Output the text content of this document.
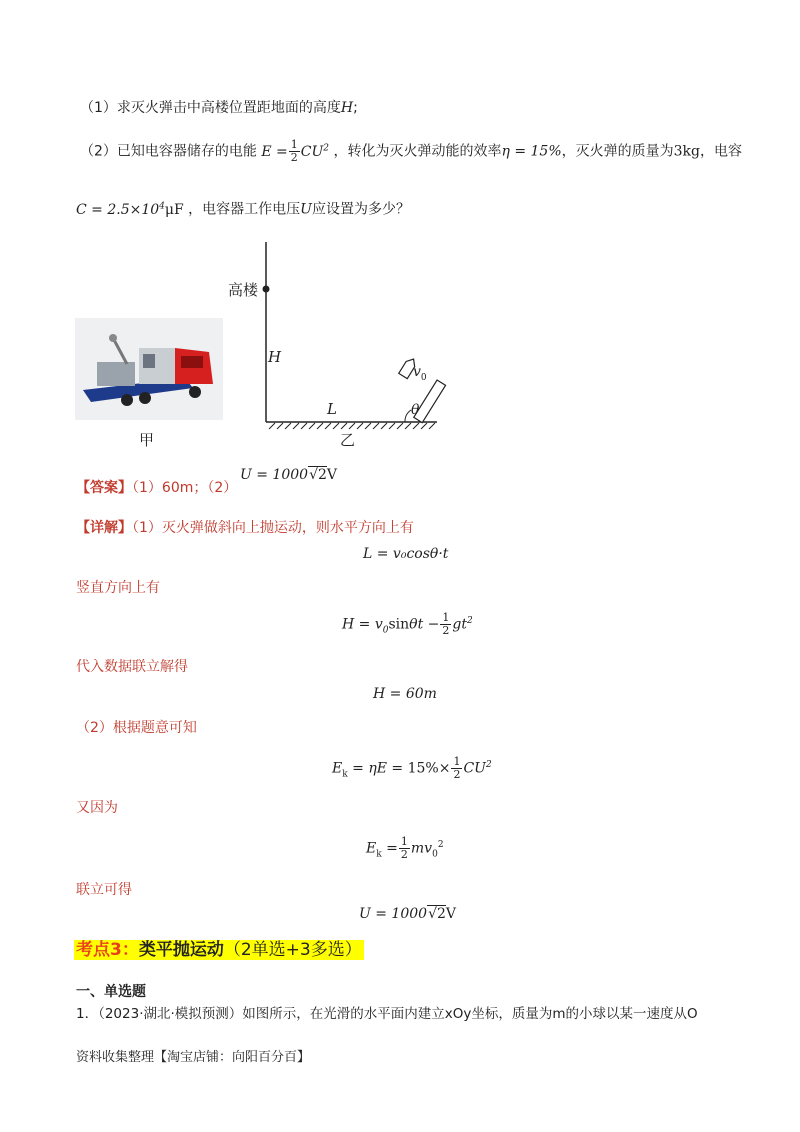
（1）求灭火弹击中高楼位置距地面的高度H;
（2）已知电容器储存的电能 $E = \frac{1}{2} CU^2$ ，转化为灭火弹动能的效率η = 15%，灭火弹的质量为3kg，电容
$C = 2.5\times 10^4\mu F$ ，电容器工作电压U应设置为多少？
甲
高楼
H
L
$v_0$
θ
乙
【答案】（1）60m；（2）
U = 1000√2V
【详解】（1）灭火弹做斜向上抛运动，则水平方向上有
L = v₀cosθ·t
竖直方向上有
$H = v_0\sin\theta t - \frac{1}{2} gt^2$
代入数据联立解得
H = 60m
（2）根据题意可知
$E_k = \eta E = 15\%\times \frac{1}{2} CU^2$
又因为
$E_k = \frac{1}{2} mv_0^2$
联立可得
U = 1000√2V
考点3：类平抛运动（2单选+3多选）
一、单选题
1．（2023·湖北·模拟预测）如图所示，在光滑的水平面内建立xOy坐标，质量为m的小球以某一速度从O
资料收集整理【淘宝店铺：向阳百分百】
